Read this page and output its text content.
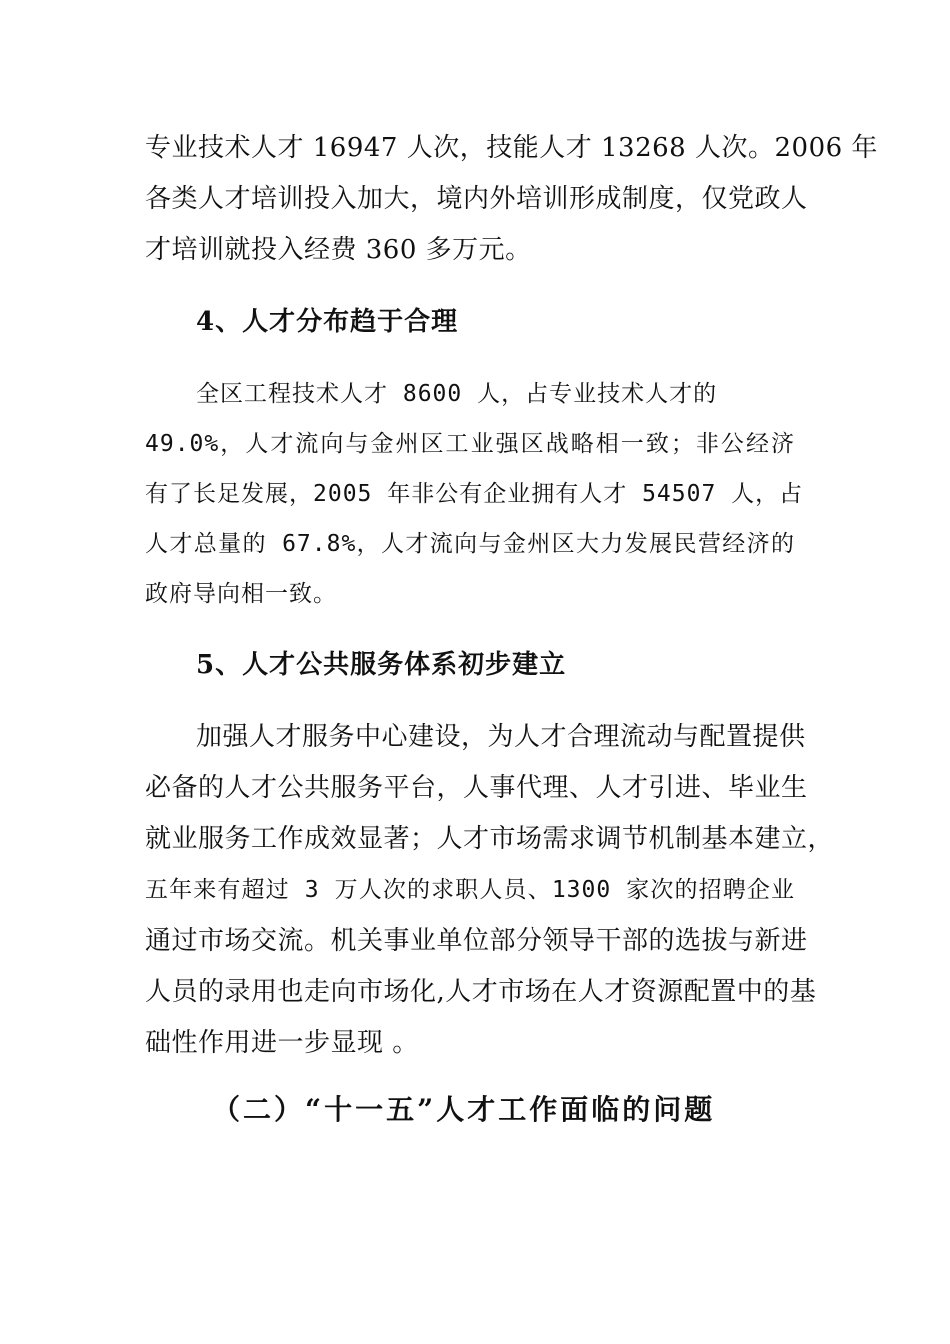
专业技术人才 16947 人次，技能人才 13268 人次。2006 年
各类人才培训投入加大，境内外培训形成制度，仅党政人
才培训就投入经费 360 多万元。
4、人才分布趋于合理
全区工程技术人才 8600 人，占专业技术人才的
49.0%，人才流向与金州区工业强区战略相一致；非公经济
有了长足发展，2005 年非公有企业拥有人才 54507 人，占
人才总量的 67.8%，人才流向与金州区大力发展民营经济的
政府导向相一致。
5、人才公共服务体系初步建立
加强人才服务中心建设，为人才合理流动与配置提供
必备的人才公共服务平台，人事代理、人才引进、毕业生
就业服务工作成效显著；人才市场需求调节机制基本建立，
五年来有超过 3 万人次的求职人员、1300 家次的招聘企业
通过市场交流。机关事业单位部分领导干部的选拔与新进
人员的录用也走向市场化,人才市场在人才资源配置中的基
础性作用进一步显现 。
（二）“十一五”人才工作面临的问题
